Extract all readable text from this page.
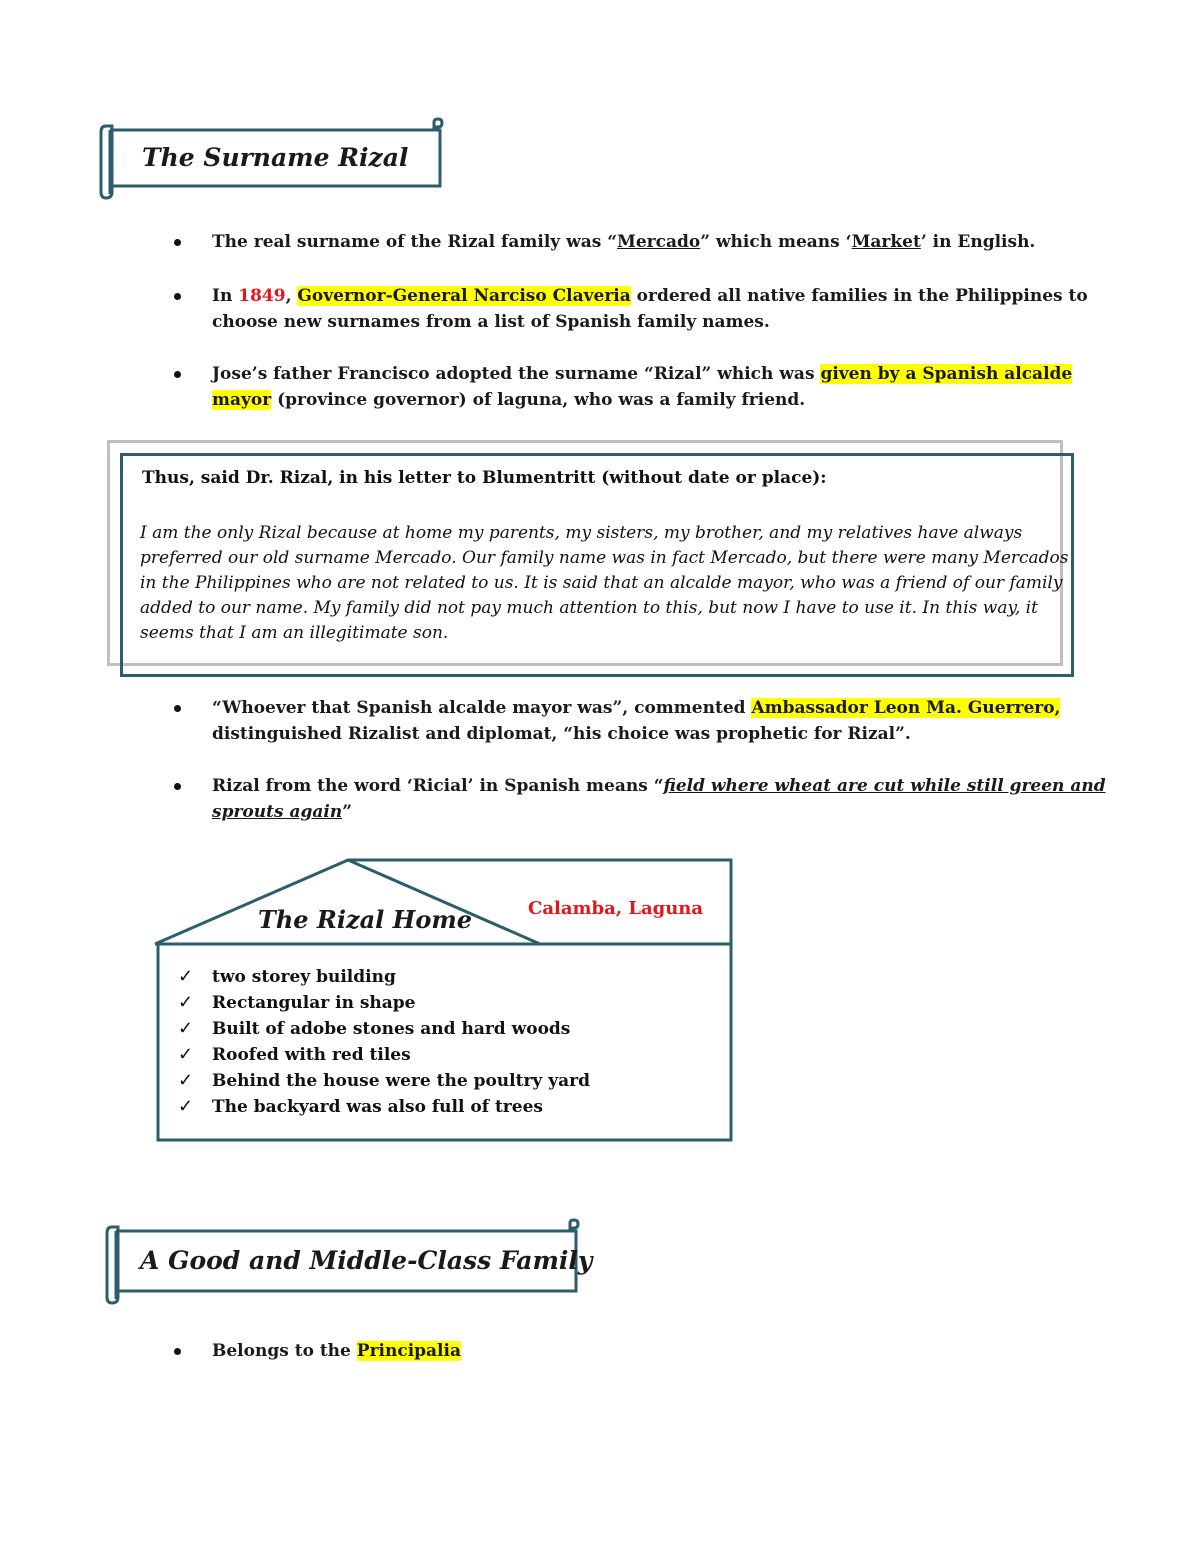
The Surname Rizal
The real surname of the Rizal family was “Mercado” which means ‘Market’ in English.
In 1849, Governor-General Narciso Claveria ordered all native families in the Philippines to
choose new surnames from a list of Spanish family names.
Jose’s father Francisco adopted the surname “Rizal” which was given by a Spanish alcalde
mayor (province governor) of laguna, who was a family friend.
Thus, said Dr. Rizal, in his letter to Blumentritt (without date or place):
I am the only Rizal because at home my parents, my sisters, my brother, and my relatives have always preferred our old surname Mercado. Our family name was in fact Mercado, but there were many Mercados in the Philippines who are not related to us. It is said that an alcalde mayor, who was a friend of our family added to our name. My family did not pay much attention to this, but now I have to use it. In this way, it seems that I am an illegitimate son.
“Whoever that Spanish alcalde mayor was”, commented Ambassador Leon Ma. Guerrero,
distinguished Rizalist and diplomat, “his choice was prophetic for Rizal”.
Rizal from the word ‘Ricial’ in Spanish means “field where wheat are cut while still green and
sprouts again”
The Rizal Home	Calamba, Laguna
✓ two storey building
✓ Rectangular in shape
✓ Built of adobe stones and hard woods
✓ Roofed with red tiles
✓ Behind the house were the poultry yard
✓ The backyard was also full of trees
A Good and Middle-Class Family
Belongs to the Principalia
